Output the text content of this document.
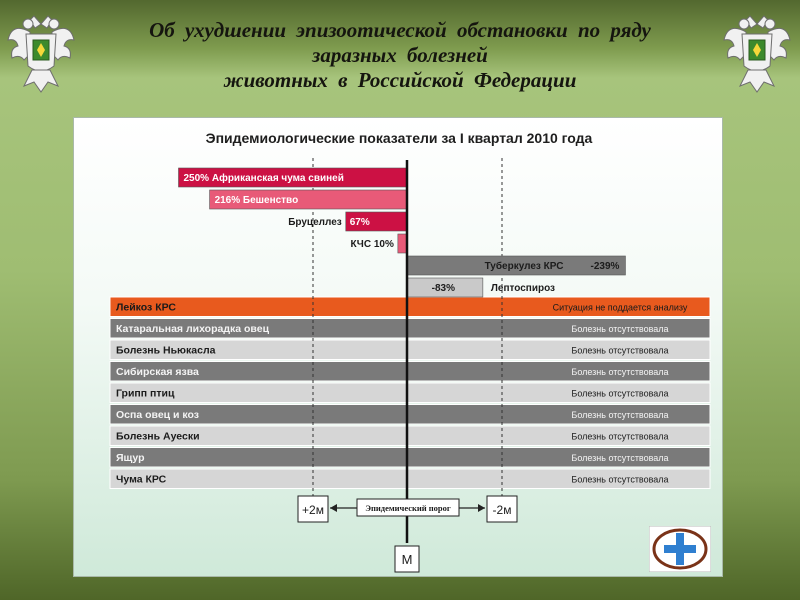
Об ухудшении эпизоотической обстановки по ряду
заразных болезней
животных в Российской Федерации
Лейкоз КРС	Ситуация не поддается анализу
Катаральная лихорадка овец	Болезнь отсутствовала
Болезнь Ньюкасла	Болезнь отсутствовала
Сибирская язва	Болезнь отсутствовала
Грипп птиц	Болезнь отсутствовала
Оспа овец и коз	Болезнь отсутствовала
Болезнь Ауески	Болезнь отсутствовала
Ящур	Болезнь отсутствовала
Чума КРС	Болезнь отсутствовала
250% Африканская чума свиней
216% Бешенство
Бруцеллез 67%
КЧС 10%
Туберкулез КРС	-239%
-83%	Лептоспироз
+2м	-2м
Эпидемический порог
М
Эпидемиологические показатели за I квартал 2010 года
